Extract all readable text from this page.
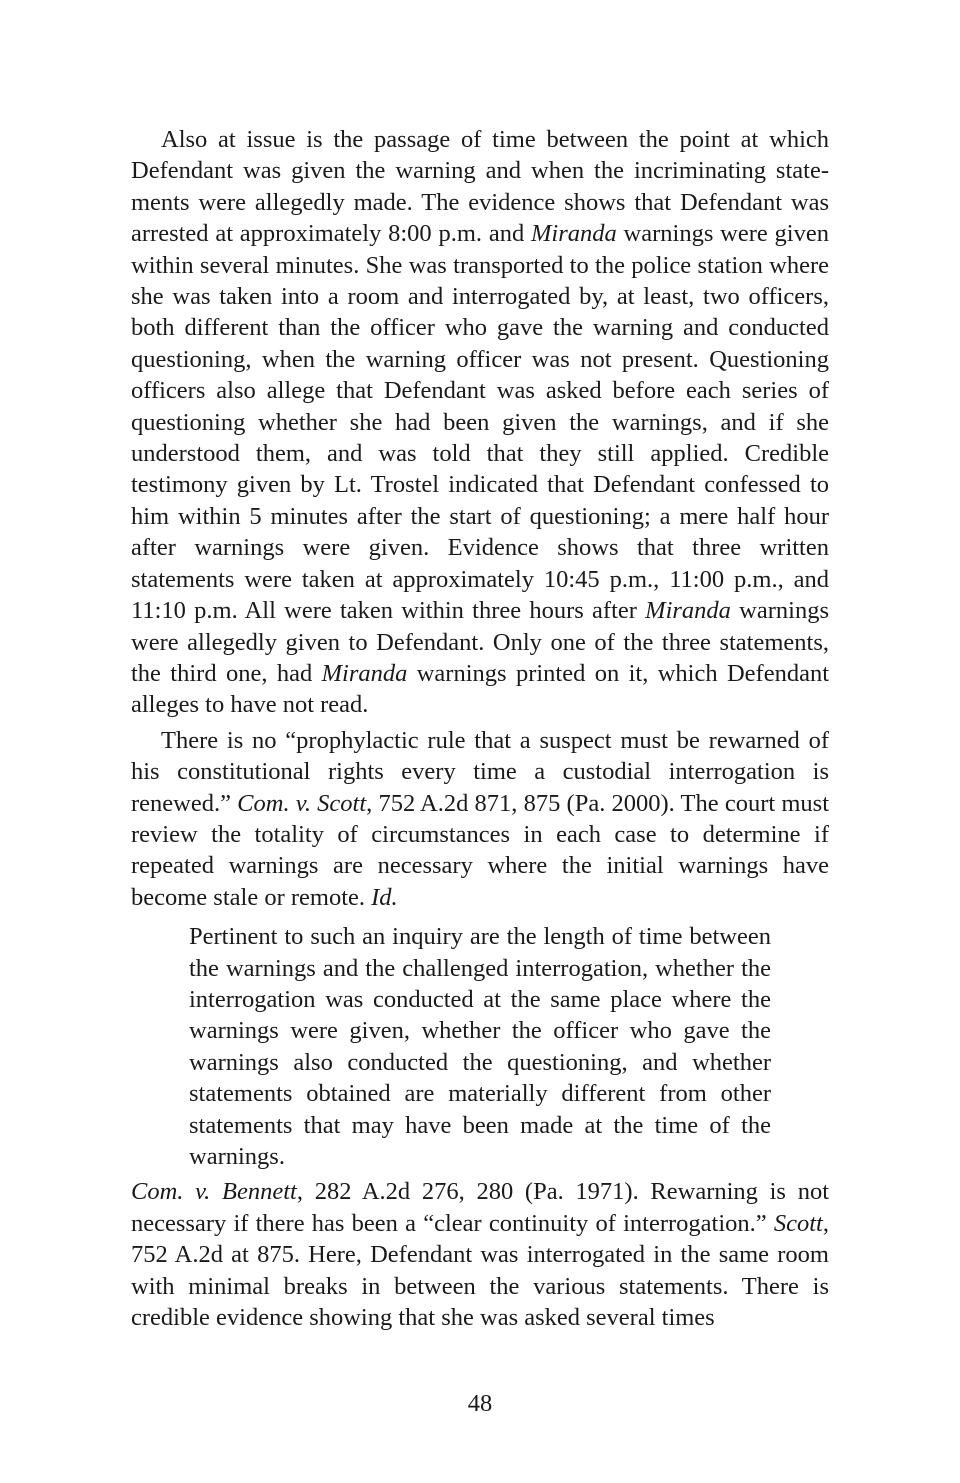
Also at issue is the passage of time between the point at which Defendant was given the warning and when the incriminating statements were allegedly made. The evidence shows that Defendant was arrested at approximately 8:00 p.m. and Miranda warnings were given within several minutes. She was transported to the police station where she was taken into a room and interrogated by, at least, two officers, both different than the officer who gave the warning and conducted questioning, when the warning officer was not present. Questioning officers also allege that Defendant was asked before each series of questioning whether she had been given the warnings, and if she understood them, and was told that they still applied. Credible testimony given by Lt. Trostel indicated that Defendant confessed to him within 5 minutes after the start of questioning; a mere half hour after warnings were given. Evidence shows that three written statements were taken at approximately 10:45 p.m., 11:00 p.m., and 11:10 p.m. All were taken within three hours after Miranda warnings were allegedly given to Defendant. Only one of the three statements, the third one, had Miranda warnings printed on it, which Defendant alleges to have not read.

There is no “prophylactic rule that a suspect must be rewarned of his constitutional rights every time a custodial interrogation is renewed.” Com. v. Scott, 752 A.2d 871, 875 (Pa. 2000). The court must review the totality of circumstances in each case to determine if repeated warnings are necessary where the initial warnings have become stale or remote. Id.

Pertinent to such an inquiry are the length of time between the warnings and the challenged interrogation, whether the interrogation was conducted at the same place where the warnings were given, whether the officer who gave the warnings also conducted the questioning, and whether statements obtained are materially different from other statements that may have been made at the time of the warnings.

Com. v. Bennett, 282 A.2d 276, 280 (Pa. 1971). Rewarning is not necessary if there has been a “clear continuity of interrogation.” Scott, 752 A.2d at 875. Here, Defendant was interrogated in the same room with minimal breaks in between the various statements. There is credible evidence showing that she was asked several times

48
